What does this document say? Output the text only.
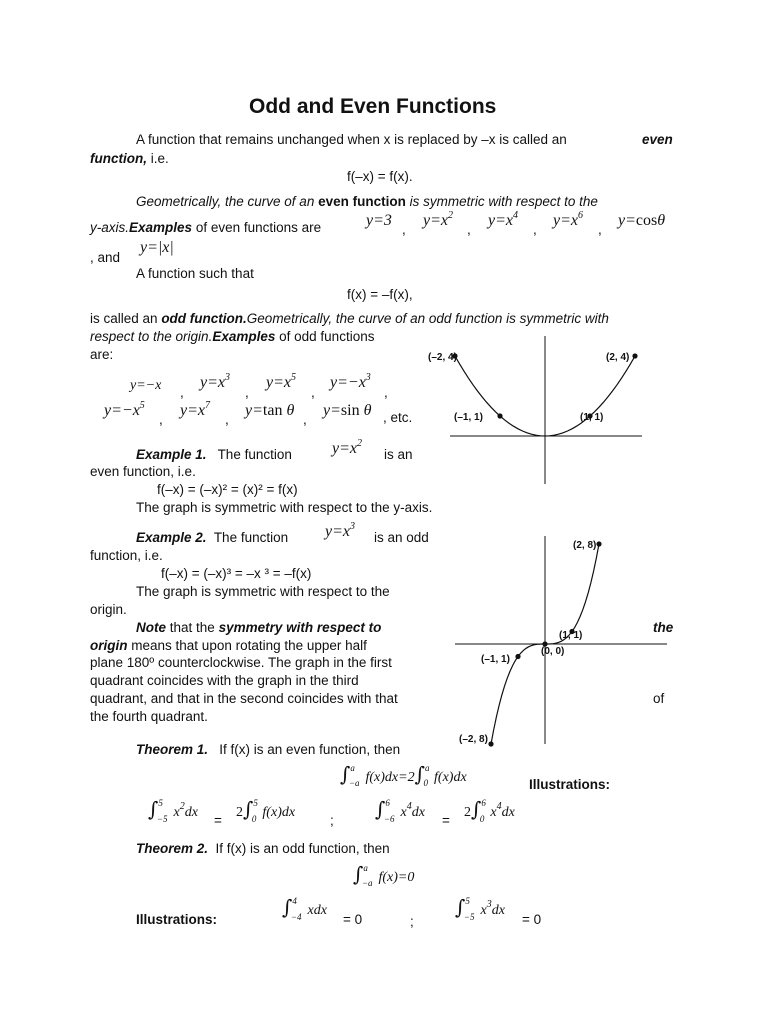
Odd and Even Functions
A function that remains unchanged when x is replaced by –x is called an	even
function, i.e.
f(–x) = f(x).
Geometrically, the curve of an even function is symmetric with respect to the
y-axis.Examples of even functions are	y=3
,
$y=x^2$
,
$y=x^4$
,
$y=x^6$
,
y=cosθ
, and
y=|x|
A function such that
f(x) = –f(x),
is called an odd function.Geometrically, the curve of an odd function is symmetric with
respect to the origin.Examples of odd functions
are:
y=−x ,
$y=x^3$
,
$y=x^5$
,
$y=-x^3$
,
$y=-x^5$
,
$y=x^7$
,
y=tan θ
,
y=sin θ , etc.
Example 1. The function	$y=x^2$
is an
even function, i.e.
f(–x) = (–x)² = (x)² = f(x)
The graph is symmetric with respect to the y-axis.
Example 2. The function $y=x^3$
is an odd
function, i.e.
f(–x) = (–x)³ = –x ³ = –f(x)
The graph is symmetric with respect to the
origin.
Note that the symmetry with respect to	the
origin means that upon rotating the upper half
plane 180º counterclockwise. The graph in the first
quadrant coincides with the graph in the third
quadrant, and that in the second coincides with that	of
the fourth quadrant.
Theorem 1. If f(x) is an even function, then
∫$^a_{-a}$ f(x)dx=2∫$^a_0$ f(x)dx	Illustrations:
∫$^5_{-5}$ $x^2dx$
=
2∫$^5_0$ f(x)dx
; ∫$^6_{-6}$ $x^4dx$
=
2∫$^6_0$ $x^4dx$
Theorem 2. If f(x) is an odd function, then
∫$^a_{-a}$ f(x)=0
Illustrations:
∫$^4_{-4}$ xdx
= 0	;
∫$^5_{-5}$ $x^3dx$
= 0
(–2, 4)	(2, 4)
(–1, 1)	(1, 1)
(2, 8)
(1, 1)
(0, 0)
(–1, 1)
(–2, 8)
